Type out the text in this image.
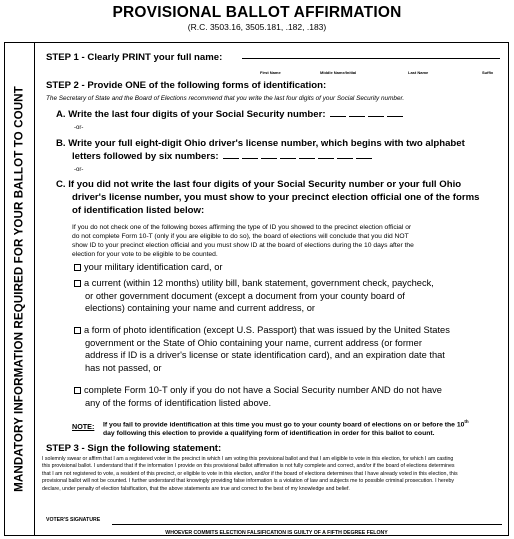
PROVISIONAL BALLOT AFFIRMATION
(R.C. 3503.16, 3505.181, .182, .183)
MANDATORY INFORMATION REQUIRED FOR YOUR BALLOT TO COUNT
STEP 1 - Clearly PRINT your full name:
First Name	Middle Name/Initial	Last Name	Suffix
STEP 2 - Provide ONE of the following forms of identification:
The Secretary of State and the Board of Elections recommend that you write the last four digits of your Social Security number.
A. Write the last four digits of your Social Security number:
-or-
B. Write your full eight-digit Ohio driver's license number, which begins with two alphabet
letters followed by six numbers:
-or-
C. If you did not write the last four digits of your Social Security number or your full Ohio
driver's license number, you must show to your precinct election official one of the forms
of identification listed below:
If you do not check one of the following boxes affirming the type of ID you showed to the precinct election official or
do not complete Form 10-T (only if you are eligible to do so), the board of elections will conclude that you did NOT
show ID to your precinct election official and you must show ID at the board of elections during the 10 days after the
election for your vote to be eligible to be counted.
your military identification card, or
a current (within 12 months) utility bill, bank statement, government check, paycheck,
or other government document (except a document from your county board of
elections) containing your name and current address, or
a form of photo identification (except U.S. Passport) that was issued by the United States
government or the State of Ohio containing your name, current address (or former
address if ID is a driver's license or state identification card), and an expiration date that
has not passed, or
complete Form 10-T only if you do not have a Social Security number AND do not have
any of the forms of identification listed above.
NOTE: If you fail to provide identification at this time you must go to your county board of elections on or before the 10th
day following this election to provide a qualifying form of identification in order for this ballot to count.
STEP 3 - Sign the following statement:
I solemnly swear or affirm that I am a registered voter in the precinct in which I am voting this provisional ballot and that I am eligible to vote in this election, for which I am casting
this provisional ballot. I understand that if the information I provide on this provisional ballot affirmation is not fully complete and correct, and/or if the board of elections determines
that I am not registered to vote, a resident of this precinct, or eligible to vote in this election, and/or if the board of elections determines that I have already voted in this election, this
provisional ballot will not be counted. I further understand that knowingly providing false information is a violation of law and subjects me to possible criminal prosecution. I hereby
declare, under penalty of election falsification, that the above statements are true and correct to the best of my knowledge and belief.
VOTER'S SIGNATURE
WHOEVER COMMITS ELECTION FALSIFICATION IS GUILTY OF A FIFTH DEGREE FELONY
